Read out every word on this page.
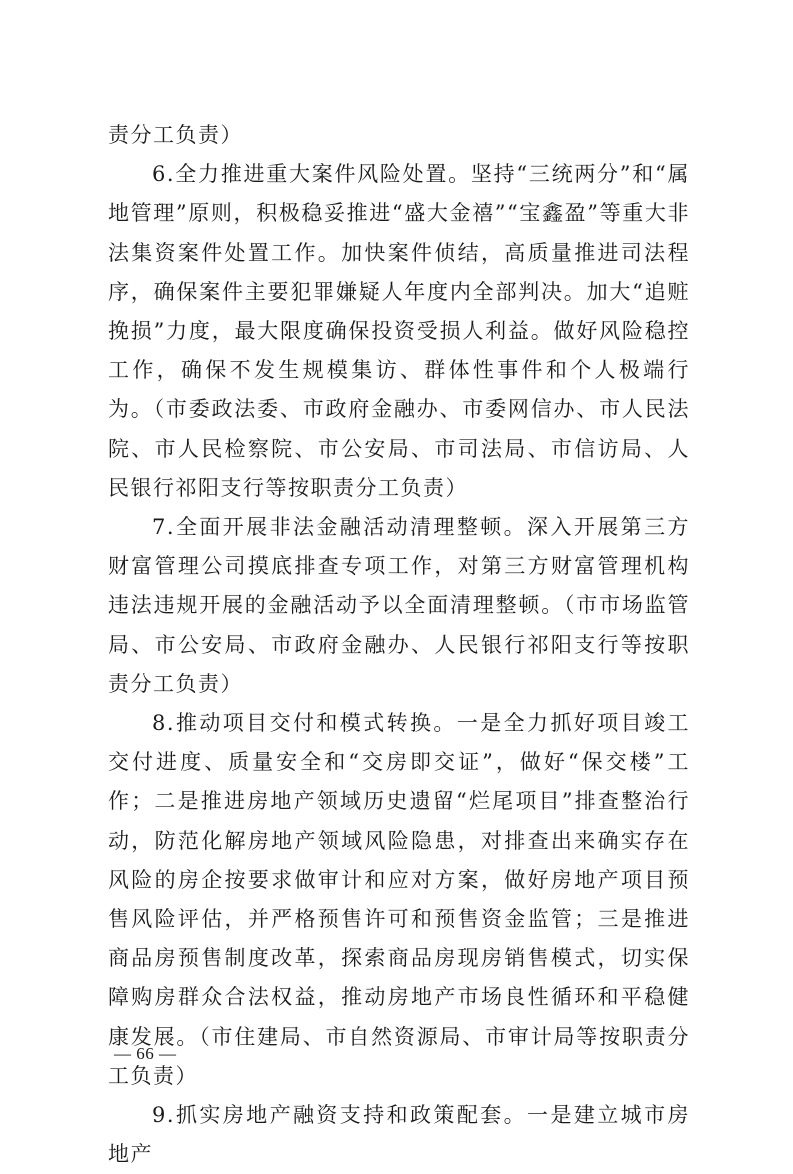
责分工负责）

6.全力推进重大案件风险处置。坚持“三统两分”和“属地管理”原则，积极稳妥推进“盛大金禧”“宝鑫盈”等重大非法集资案件处置工作。加快案件侦结，高质量推进司法程序，确保案件主要犯罪嫌疑人年度内全部判决。加大“追赃挽损”力度，最大限度确保投资受损人利益。做好风险稳控工作，确保不发生规模集访、群体性事件和个人极端行为。（市委政法委、市政府金融办、市委网信办、市人民法院、市人民检察院、市公安局、市司法局、市信访局、人民银行祁阳支行等按职责分工负责）

7.全面开展非法金融活动清理整顿。深入开展第三方财富管理公司摸底排查专项工作，对第三方财富管理机构违法违规开展的金融活动予以全面清理整顿。（市市场监管局、市公安局、市政府金融办、人民银行祁阳支行等按职责分工负责）

8.推动项目交付和模式转换。一是全力抓好项目竣工交付进度、质量安全和“交房即交证”，做好“保交楼”工作；二是推进房地产领域历史遗留“烂尾项目”排查整治行动，防范化解房地产领域风险隐患，对排查出来确实存在风险的房企按要求做审计和应对方案，做好房地产项目预售风险评估，并严格预售许可和预售资金监管；三是推进商品房预售制度改革，探索商品房现房销售模式，切实保障购房群众合法权益，推动房地产市场良性循环和平稳健康发展。（市住建局、市自然资源局、市审计局等按职责分工负责）

9.抓实房地产融资支持和政策配套。一是建立城市房地产

— 66 —
